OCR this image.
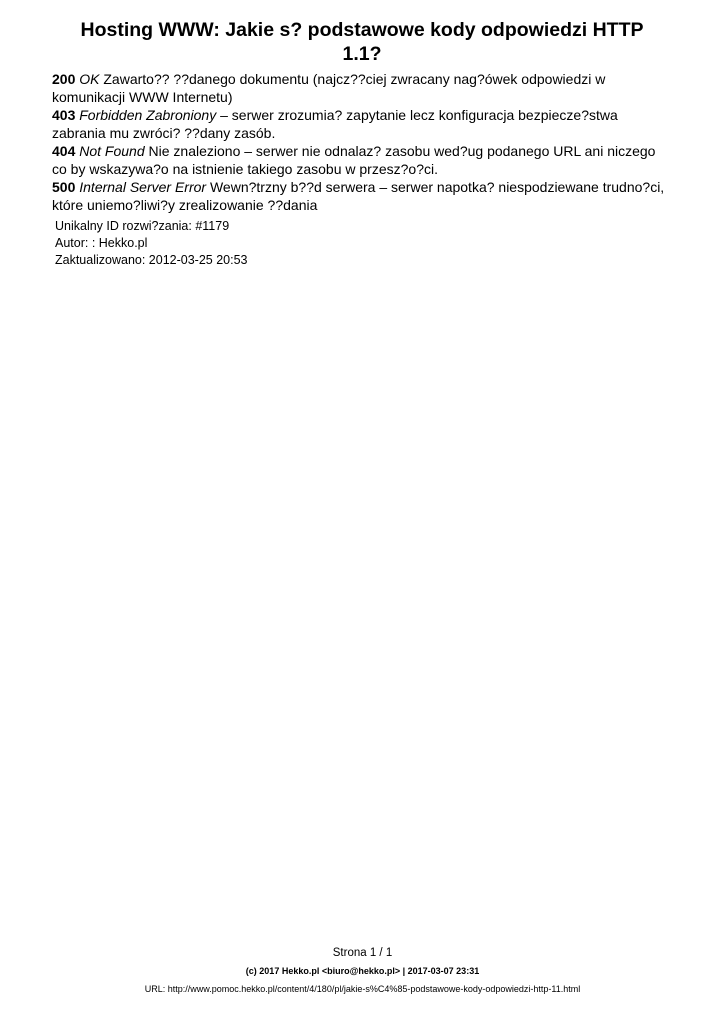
Hosting WWW: Jakie s? podstawowe kody odpowiedzi HTTP 1.1?

200 OK Zawarto?? ??danego dokumentu (najcz??ciej zwracany nag?ówek odpowiedzi w komunikacji WWW Internetu)

403 Forbidden Zabroniony – serwer zrozumia? zapytanie lecz konfiguracja bezpiecze?stwa zabrania mu zwróci? ??dany zasób.

404 Not Found Nie znaleziono – serwer nie odnalaz? zasobu wed?ug podanego URL ani niczego co by wskazywa?o na istnienie takiego zasobu w przesz?o?ci.

500 Internal Server Error Wewn?trzny b??d serwera – serwer napotka? niespodziewane trudno?ci, które uniemo?liwi?y zrealizowanie ??dania

Unikalny ID rozwi?zania: #1179
Autor: : Hekko.pl
Zaktualizowano: 2012-03-25 20:53
Strona 1 / 1
(c) 2017 Hekko.pl <biuro@hekko.pl> | 2017-03-07 23:31
URL: http://www.pomoc.hekko.pl/content/4/180/pl/jakie-s%C4%85-podstawowe-kody-odpowiedzi-http-11.html
